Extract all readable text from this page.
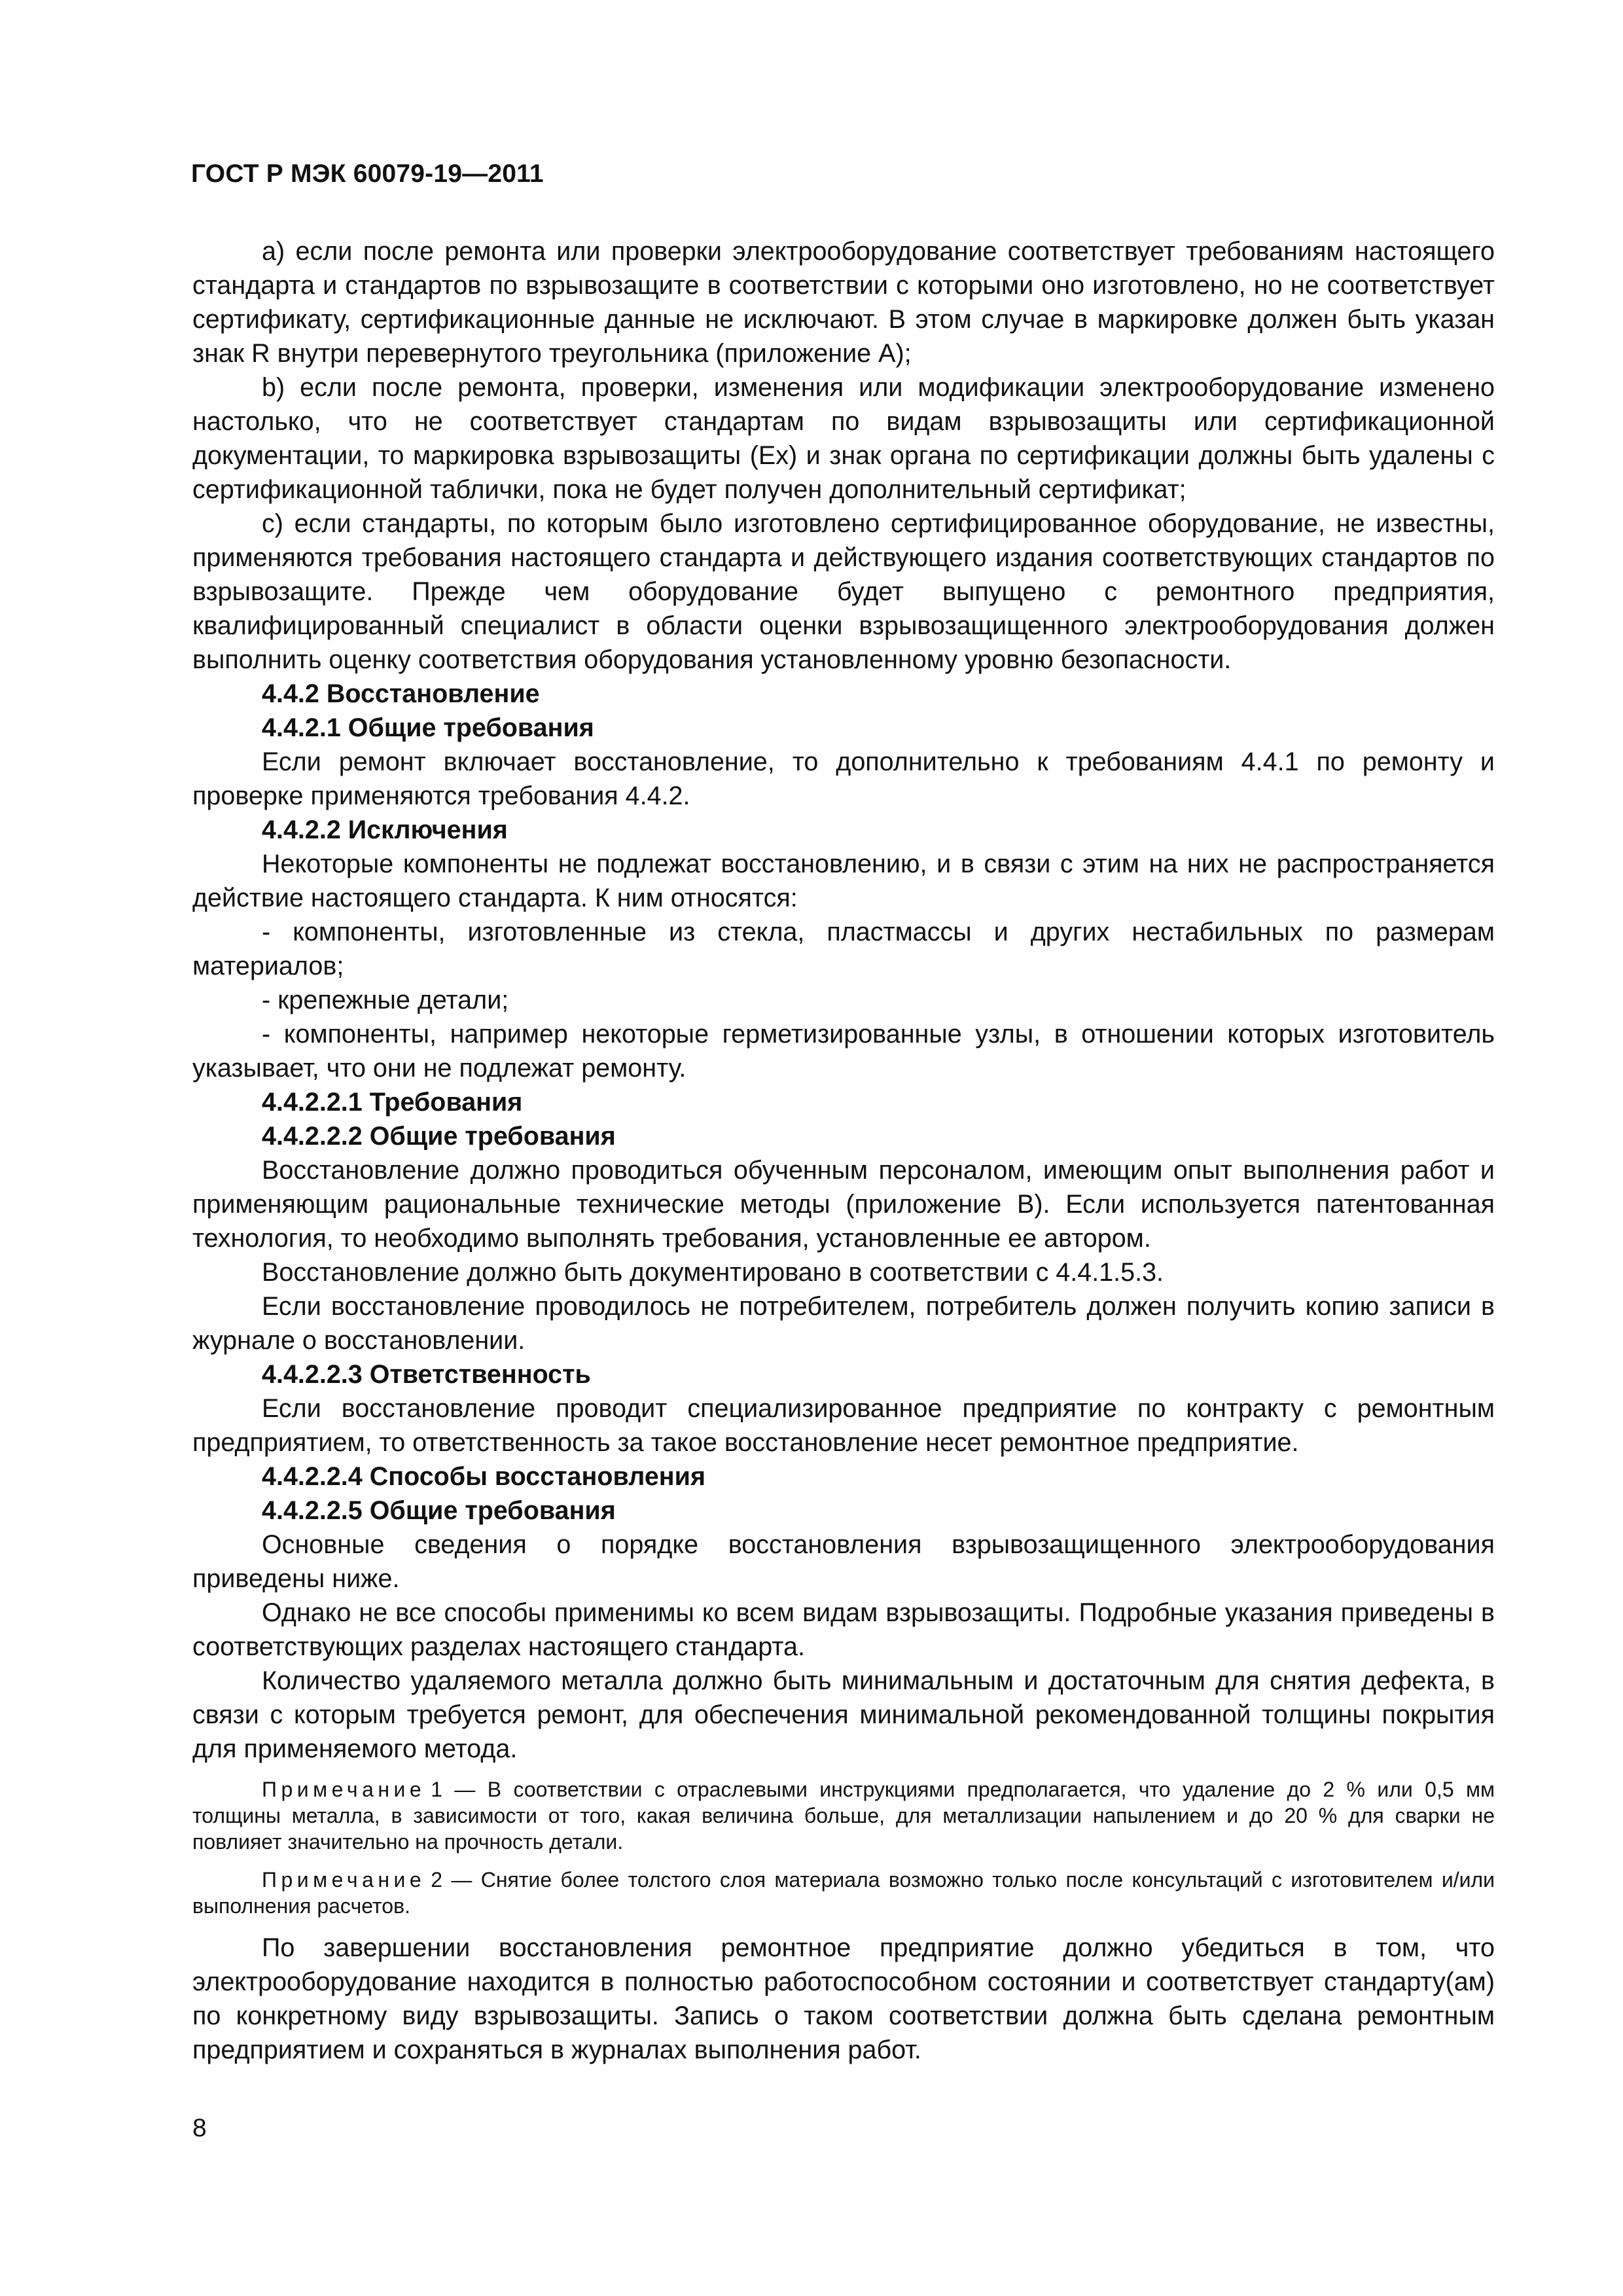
ГОСТ Р МЭК 60079-19—2011

а) если после ремонта или проверки электрооборудование соответствует требованиям настоящего стандарта и стандартов по взрывозащите в соответствии с которыми оно изготовлено, но не соответствует сертификату, сертификационные данные не исключают. В этом случае в маркировке должен быть указан знак R внутри перевернутого треугольника (приложение А);

b) если после ремонта, проверки, изменения или модификации электрооборудование изменено настолько, что не соответствует стандартам по видам взрывозащиты или сертификационной документации, то маркировка взрывозащиты (Ex) и знак органа по сертификации должны быть удалены с сертификационной таблички, пока не будет получен дополнительный сертификат;

с) если стандарты, по которым было изготовлено сертифицированное оборудование, не известны, применяются требования настоящего стандарта и действующего издания соответствующих стандартов по взрывозащите. Прежде чем оборудование будет выпущено с ремонтного предприятия, квалифицированный специалист в области оценки взрывозащищенного электрооборудования должен выполнить оценку соответствия оборудования установленному уровню безопасности.

4.4.2 Восстановление

4.4.2.1 Общие требования

Если ремонт включает восстановление, то дополнительно к требованиям 4.4.1 по ремонту и проверке применяются требования 4.4.2.

4.4.2.2 Исключения

Некоторые компоненты не подлежат восстановлению, и в связи с этим на них не распространяется действие настоящего стандарта. К ним относятся:

- компоненты, изготовленные из стекла, пластмассы и других нестабильных по размерам материалов;

- крепежные детали;

- компоненты, например некоторые герметизированные узлы, в отношении которых изготовитель указывает, что они не подлежат ремонту.

4.4.2.2.1 Требования

4.4.2.2.2 Общие требования

Восстановление должно проводиться обученным персоналом, имеющим опыт выполнения работ и применяющим рациональные технические методы (приложение В). Если используется патентованная технология, то необходимо выполнять требования, установленные ее автором.

Восстановление должно быть документировано в соответствии с 4.4.1.5.3.

Если восстановление проводилось не потребителем, потребитель должен получить копию записи в журнале о восстановлении.

4.4.2.2.3 Ответственность

Если восстановление проводит специализированное предприятие по контракту с ремонтным предприятием, то ответственность за такое восстановление несет ремонтное предприятие.

4.4.2.2.4 Способы восстановления

4.4.2.2.5 Общие требования

Основные сведения о порядке восстановления взрывозащищенного электрооборудования приведены ниже.

Однако не все способы применимы ко всем видам взрывозащиты. Подробные указания приведены в соответствующих разделах настоящего стандарта.

Количество удаляемого металла должно быть минимальным и достаточным для снятия дефекта, в связи с которым требуется ремонт, для обеспечения минимальной рекомендованной толщины покрытия для применяемого метода.

Примечание 1 — В соответствии с отраслевыми инструкциями предполагается, что удаление до 2 % или 0,5 мм толщины металла, в зависимости от того, какая величина больше, для металлизации напылением и до 20 % для сварки не повлияет значительно на прочность детали.

Примечание 2 — Снятие более толстого слоя материала возможно только после консультаций с изготовителем и/или выполнения расчетов.

По завершении восстановления ремонтное предприятие должно убедиться в том, что электрооборудование находится в полностью работоспособном состоянии и соответствует стандарту(ам) по конкретному виду взрывозащиты. Запись о таком соответствии должна быть сделана ремонтным предприятием и сохраняться в журналах выполнения работ.

8
